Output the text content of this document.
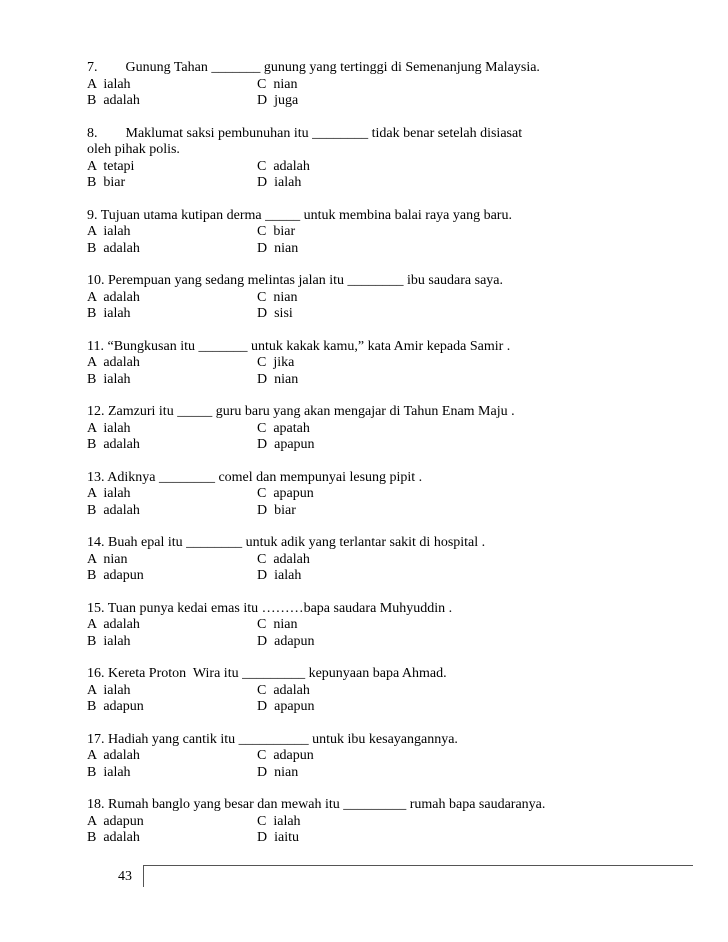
7.        Gunung Tahan _______ gunung yang tertinggi di Semenanjung Malaysia.
A  ialah	C  nian
B  adalah	D  juga
8.        Maklumat saksi pembunuhan itu ________ tidak benar setelah disiasat
oleh pihak polis.
A  tetapi	C  adalah
B  biar	D  ialah
9. Tujuan utama kutipan derma _____ untuk membina balai raya yang baru.
A  ialah	C  biar
B  adalah	D  nian
10. Perempuan yang sedang melintas jalan itu ________ ibu saudara saya.
A  adalah	C  nian
B  ialah	D  sisi
11. “Bungkusan itu _______ untuk kakak kamu,” kata Amir kepada Samir .
A  adalah	C  jika
B  ialah	D  nian
12. Zamzuri itu _____ guru baru yang akan mengajar di Tahun Enam Maju .
A  ialah	C  apatah
B  adalah	D  apapun
13. Adiknya ________ comel dan mempunyai lesung pipit .
A  ialah	C  apapun
B  adalah	D  biar
14. Buah epal itu ________ untuk adik yang terlantar sakit di hospital .
A  nian	C  adalah
B  adapun	D  ialah
15. Tuan punya kedai emas itu ………bapa saudara Muhyuddin .
A  adalah	C  nian
B  ialah	D  adapun
16. Kereta Proton  Wira itu _________ kepunyaan bapa Ahmad.
A  ialah	C  adalah
B  adapun	D  apapun
17. Hadiah yang cantik itu __________ untuk ibu kesayangannya.
A  adalah	C  adapun
B  ialah	D  nian
18. Rumah banglo yang besar dan mewah itu _________ rumah bapa saudaranya.
A  adapun	C  ialah
B  adalah	D  iaitu
43
